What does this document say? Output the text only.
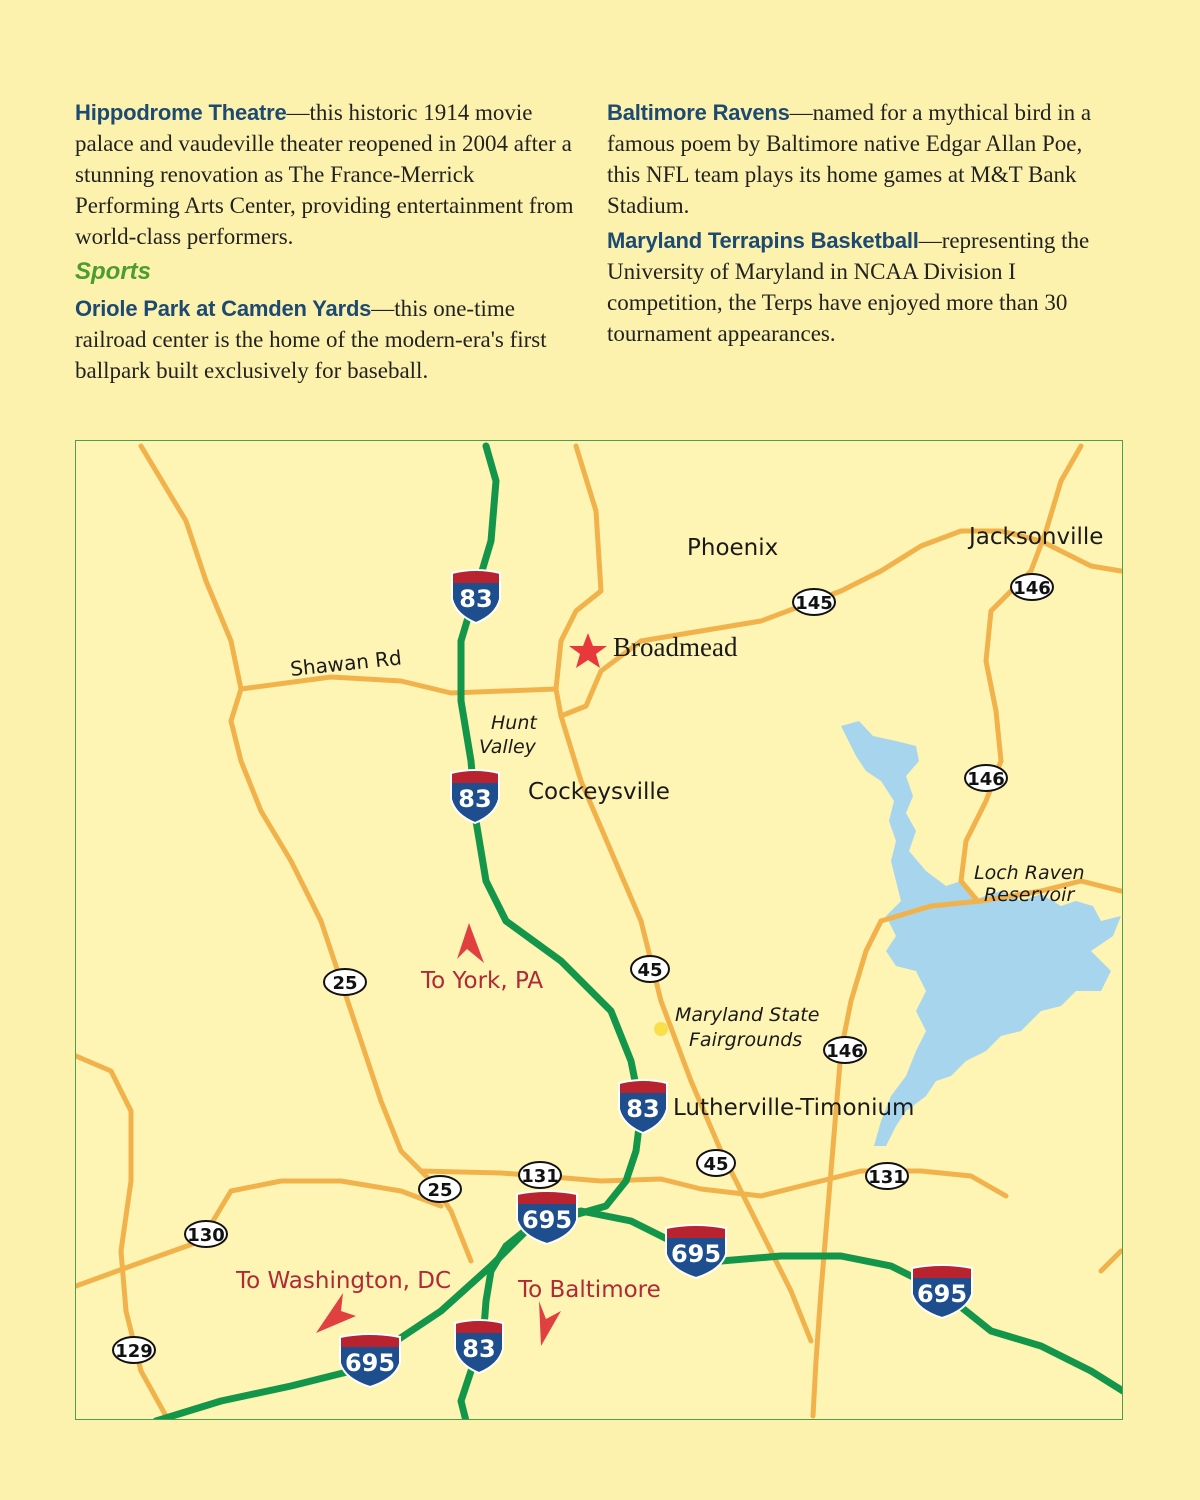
Hippodrome Theatre—this historic 1914 movie palace and vaudeville theater reopened in 2004 after a stunning renovation as The France-Merrick Performing Arts Center, providing entertainment from world-class performers.

Sports

Oriole Park at Camden Yards—this one-time railroad center is the home of the modern-era's first ballpark built exclusively for baseball.

Baltimore Ravens—named for a mythical bird in a famous poem by Baltimore native Edgar Allan Poe, this NFL team plays its home games at M&T Bank Stadium.

Maryland Terrapins Basketball—representing the University of Maryland in NCAA Division I competition, the Terps have enjoyed more than 30 tournament appearances.

Phoenix	Jacksonville
Broadmead
Hunt
Valley
Cockeysville
Lutherville-Timonium
Loch Raven
Reservoir
Maryland State
Fairgrounds
Shawan Rd
To York, PA
To Washington, DC	To Baltimore
145
146
146
146
25
25
45
45
131	131
130
129
83
83
83
83
695
695
695
695
